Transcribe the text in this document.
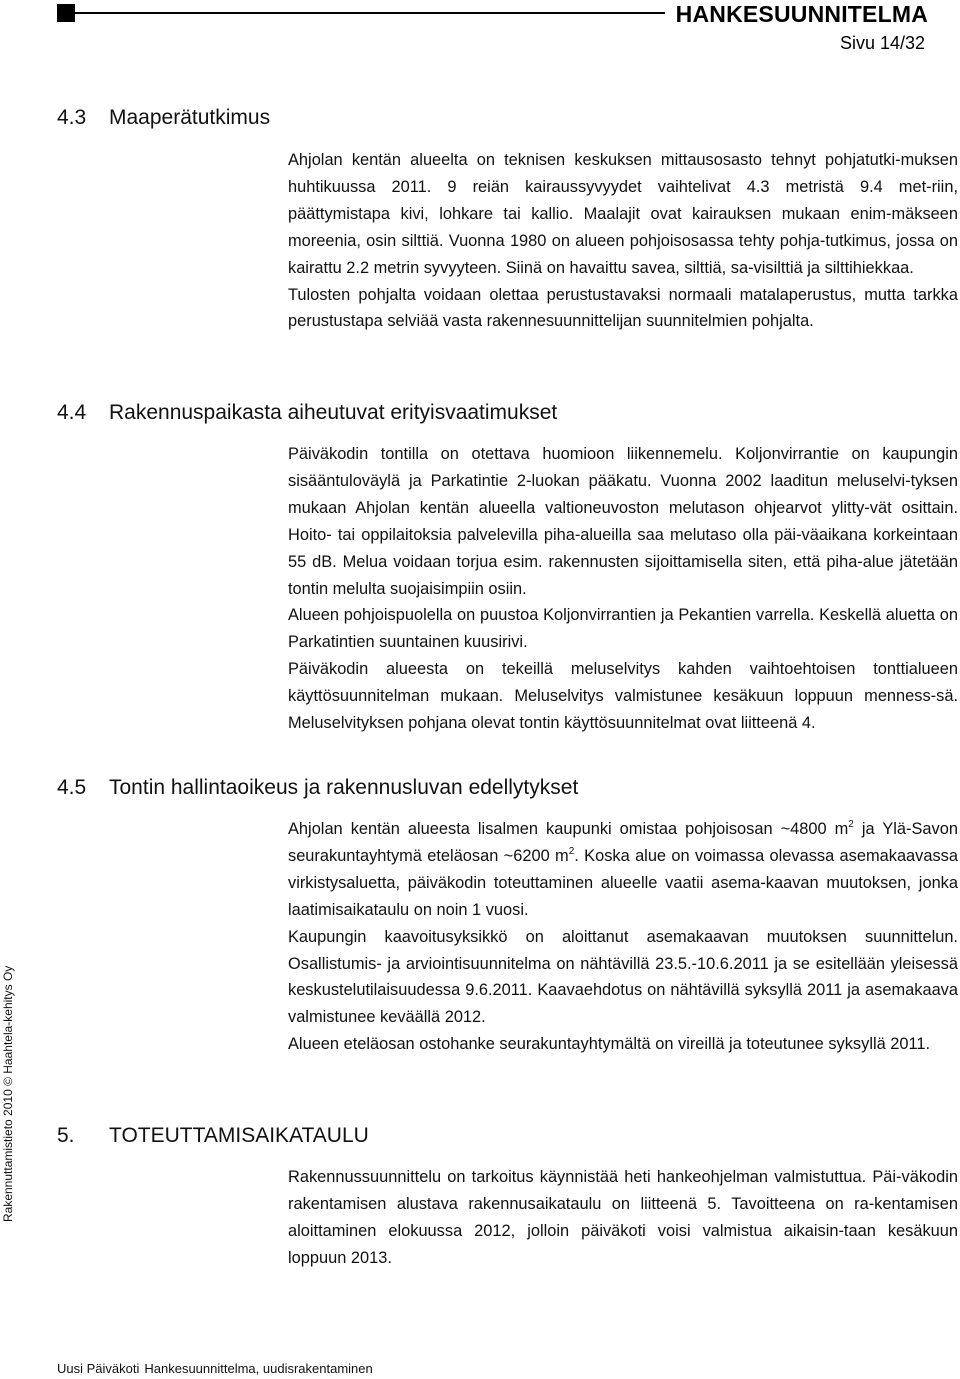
HANKESUUNNITELMA
Sivu 14/32
4.3 Maaperätutkimus

Ahjolan kentän alueelta on teknisen keskuksen mittausosasto tehnyt pohjatutki-muksen huhtikuussa 2011. 9 reiän kairaussyvyydet vaihtelivat 4.3 metristä 9.4 met-riin, päättymistapa kivi, lohkare tai kallio. Maalajit ovat kairauksen mukaan enim-mäkseen moreenia, osin silttiä. Vuonna 1980 on alueen pohjoisosassa tehty pohja-tutkimus, jossa on kairattu 2.2 metrin syvyyteen. Siinä on havaittu savea, silttiä, sa-visilttiä ja silttihiekkaa.

Tulosten pohjalta voidaan olettaa perustustavaksi normaali matalaperustus, mutta tarkka perustustapa selviää vasta rakennesuunnittelijan suunnitelmien pohjalta.

4.4 Rakennuspaikasta aiheutuvat erityisvaatimukset

Päiväkodin tontilla on otettava huomioon liikennemelu. Koljonvirrantie on kaupungin sisääntuloväylä ja Parkatintie 2-luokan pääkatu. Vuonna 2002 laaditun meluselvi-tyksen mukaan Ahjolan kentän alueella valtioneuvoston melutason ohjearvot ylitty-vät osittain. Hoito- tai oppilaitoksia palvelevilla piha-alueilla saa melutaso olla päi-väaikana korkeintaan 55 dB. Melua voidaan torjua esim. rakennusten sijoittamisella siten, että piha-alue jätetään tontin melulta suojaisimpiin osiin.

Alueen pohjoispuolella on puustoa Koljonvirrantien ja Pekantien varrella. Keskellä aluetta on Parkatintien suuntainen kuusirivi.

Päiväkodin alueesta on tekeillä meluselvitys kahden vaihtoehtoisen tonttialueen käyttösuunnitelman mukaan. Meluselvitys valmistunee kesäkuun loppuun menness-sä. Meluselvityksen pohjana olevat tontin käyttösuunnitelmat ovat liitteenä 4.

4.5 Tontin hallintaoikeus ja rakennusluvan edellytykset

Ahjolan kentän alueesta lisalmen kaupunki omistaa pohjoisosan ~4800 $m^2$ ja Ylä-Savon seurakuntayhtymä eteläosan ~6200 $m^2$. Koska alue on voimassa olevassa asemakaavassa virkistysaluetta, päiväkodin toteuttaminen alueelle vaatii asema-kaavan muutoksen, jonka laatimisaikataulu on noin 1 vuosi.

Kaupungin kaavoitusyksikkö on aloittanut asemakaavan muutoksen suunnittelun. Osallistumis- ja arviointisuunnitelma on nähtävillä 23.5.-10.6.2011 ja se esitellään yleisessä keskustelutilaisuudessa 9.6.2011. Kaavaehdotus on nähtävillä syksyllä 2011 ja asemakaava valmistunee keväällä 2012.

Alueen eteläosan ostohanke seurakuntayhtymältä on vireillä ja toteutunee syksyllä 2011.

5. TOTEUTTAMISAIKATAULU

Rakennussuunnittelu on tarkoitus käynnistää heti hankeohjelman valmistuttua. Päi-väkodin rakentamisen alustava rakennusaikataulu on liitteenä 5. Tavoitteena on ra-kentamisen aloittaminen elokuussa 2012, jolloin päiväkoti voisi valmistua aikaisin-taan kesäkuun loppuun 2013.

Rakennuttamistieto 2010 © Haahtela-kehitys Oy
Uusi Päiväkoti Hankesuunnittelma, uudisrakentaminen
